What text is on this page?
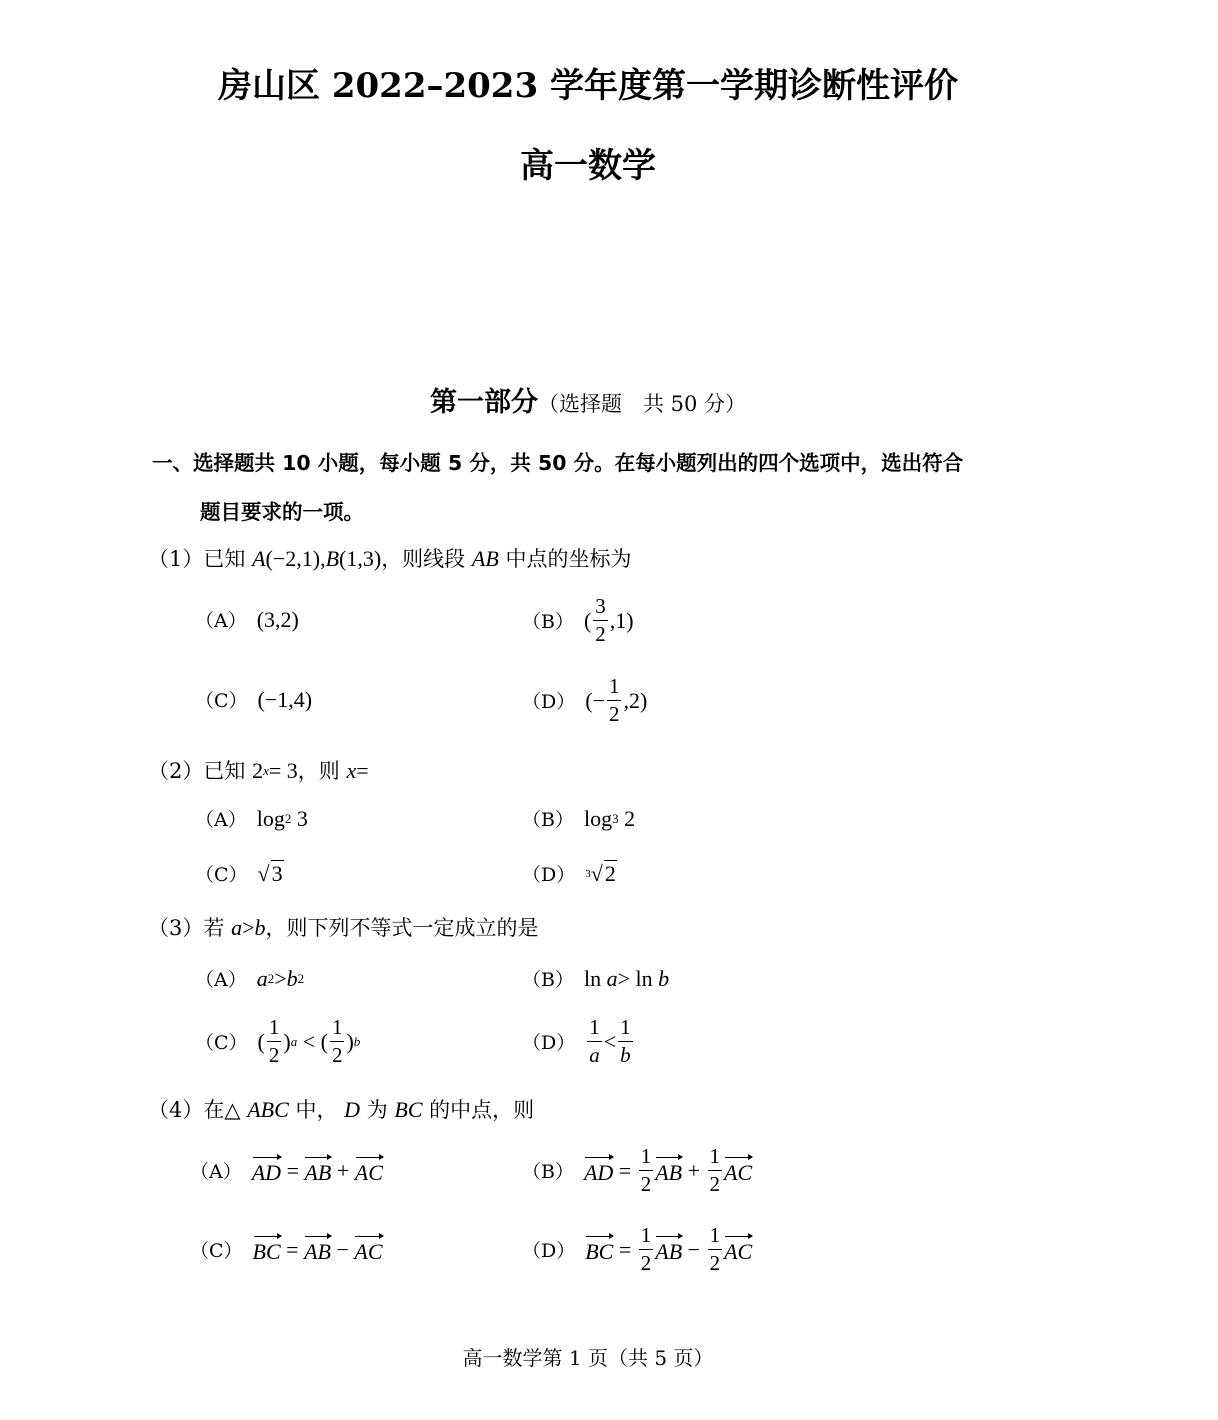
房山区 2022–2023 学年度第一学期诊断性评价
高一数学
第一部分（选择题　共 50 分）
一、选择题共 10 小题，每小题 5 分，共 50 分。在每小题列出的四个选项中，选出符合
题目要求的一项。
（1）已知 A (−2,1), B (1,3)，则线段 AB 中点的坐标为
（A） (3,2)	（B） ( $\frac{3}{2} ,1$)
（C） (−1,4)	（D） (− $\frac{1}{2} ,2$)
（2）已知 2 x = 3，则 x =
（A） log 2 3	（B） log 3 2
（C） √ 3	（D） 3 √ 2
（3）若 a > b ，则下列不等式一定成立的是
（A） a 2 > b 2	（B） ln a > ln b
（C） ( $\frac{1}{2}$ ) a < ( $\frac{1}{2}$ ) b	$(D) \frac{1}{a} < \frac{1}{b}$
（4）在△ ABC 中， D 为 BC 的中点，则
（A） AD = AB + AC	（B） AD = $\frac{1}{2}$ AB + $\frac{1}{2}$ AC
（C） BC = AB − AC	（D） BC = $\frac{1}{2}$ AB − $\frac{1}{2}$ AC
高一数学第 1 页（共 5 页）
